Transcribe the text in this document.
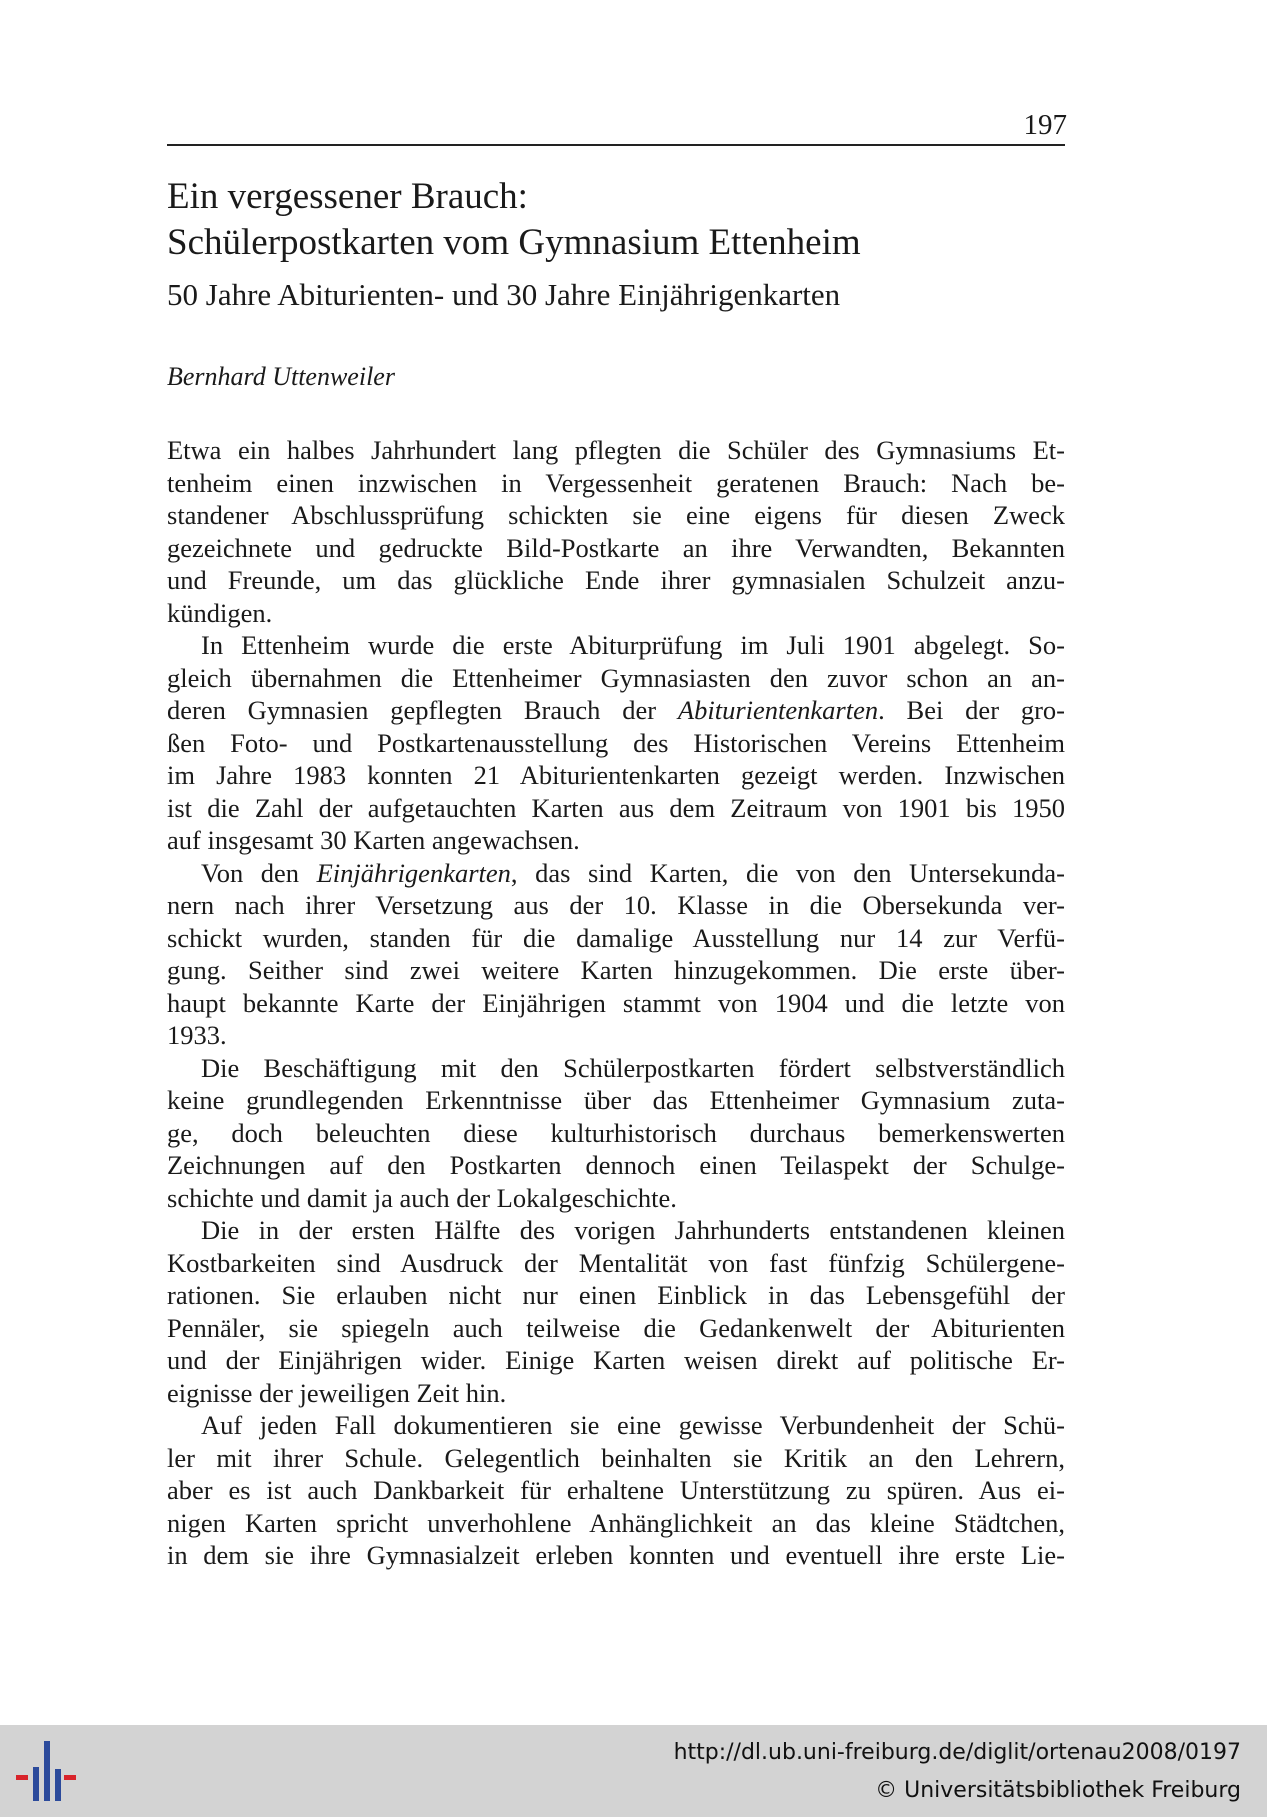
197
Ein vergessener Brauch:
Schülerpostkarten vom Gymnasium Ettenheim
50 Jahre Abiturienten- und 30 Jahre Einjährigenkarten
Bernhard Uttenweiler
Etwa ein halbes Jahrhundert lang pflegten die Schüler des Gymnasiums Et-
tenheim einen inzwischen in Vergessenheit geratenen Brauch: Nach be-
standener Abschlussprüfung schickten sie eine eigens für diesen Zweck
gezeichnete und gedruckte Bild-Postkarte an ihre Verwandten, Bekannten
und Freunde, um das glückliche Ende ihrer gymnasialen Schulzeit anzu-
kündigen.
In Ettenheim wurde die erste Abiturprüfung im Juli 1901 abgelegt. So-
gleich übernahmen die Ettenheimer Gymnasiasten den zuvor schon an an-
deren Gymnasien gepflegten Brauch der Abiturientenkarten. Bei der gro-
ßen Foto- und Postkartenausstellung des Historischen Vereins Ettenheim
im Jahre 1983 konnten 21 Abiturientenkarten gezeigt werden. Inzwischen
ist die Zahl der aufgetauchten Karten aus dem Zeitraum von 1901 bis 1950
auf insgesamt 30 Karten angewachsen.
Von den Einjährigenkarten, das sind Karten, die von den Untersekunda-
nern nach ihrer Versetzung aus der 10. Klasse in die Obersekunda ver-
schickt wurden, standen für die damalige Ausstellung nur 14 zur Verfü-
gung. Seither sind zwei weitere Karten hinzugekommen. Die erste über-
haupt bekannte Karte der Einjährigen stammt von 1904 und die letzte von
1933.
Die Beschäftigung mit den Schülerpostkarten fördert selbstverständlich
keine grundlegenden Erkenntnisse über das Ettenheimer Gymnasium zuta-
ge, doch beleuchten diese kulturhistorisch durchaus bemerkenswerten
Zeichnungen auf den Postkarten dennoch einen Teilaspekt der Schulge-
schichte und damit ja auch der Lokalgeschichte.
Die in der ersten Hälfte des vorigen Jahrhunderts entstandenen kleinen
Kostbarkeiten sind Ausdruck der Mentalität von fast fünfzig Schülergene-
rationen. Sie erlauben nicht nur einen Einblick in das Lebensgefühl der
Pennäler, sie spiegeln auch teilweise die Gedankenwelt der Abiturienten
und der Einjährigen wider. Einige Karten weisen direkt auf politische Er-
eignisse der jeweiligen Zeit hin.
Auf jeden Fall dokumentieren sie eine gewisse Verbundenheit der Schü-
ler mit ihrer Schule. Gelegentlich beinhalten sie Kritik an den Lehrern,
aber es ist auch Dankbarkeit für erhaltene Unterstützung zu spüren. Aus ei-
nigen Karten spricht unverhohlene Anhänglichkeit an das kleine Städtchen,
in dem sie ihre Gymnasialzeit erleben konnten und eventuell ihre erste Lie-
http://dl.ub.uni-freiburg.de/diglit/ortenau2008/0197
© Universitätsbibliothek Freiburg
